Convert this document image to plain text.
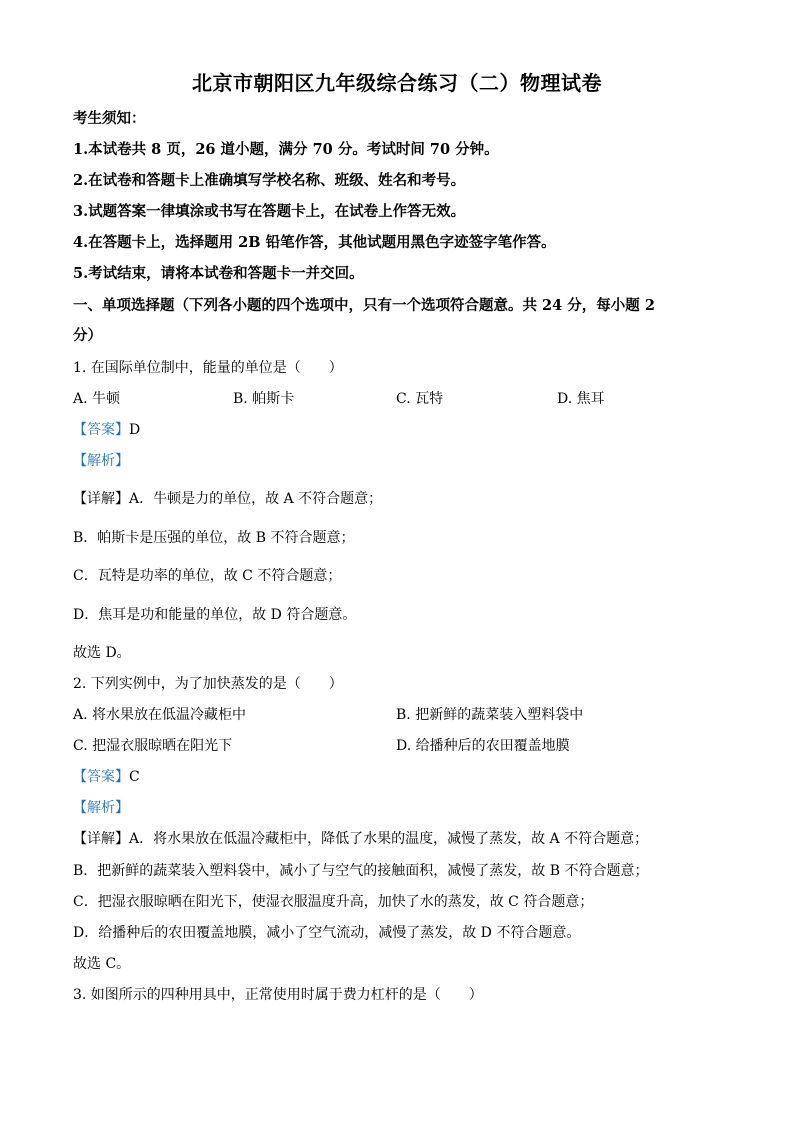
北京市朝阳区九年级综合练习（二）物理试卷
考生须知：
1.本试卷共 8 页，26 道小题，满分 70 分。考试时间 70 分钟。
2.在试卷和答题卡上准确填写学校名称、班级、姓名和考号。
3.试题答案一律填涂或书写在答题卡上，在试卷上作答无效。
4.在答题卡上，选择题用 2B 铅笔作答，其他试题用黑色字迹签字笔作答。
5.考试结束，请将本试卷和答题卡一并交回。
一、单项选择题（下列各小题的四个选项中，只有一个选项符合题意。共 24 分，每小题 2
分）
1. 在国际单位制中，能量的单位是（　　）
A. 牛顿	B. 帕斯卡	C. 瓦特	D. 焦耳
【答案】D
【解析】
【详解】A．牛顿是力的单位，故 A 不符合题意；
B．帕斯卡是压强的单位，故 B 不符合题意；
C．瓦特是功率的单位，故 C 不符合题意；
D．焦耳是功和能量的单位，故 D 符合题意。
故选 D。
2. 下列实例中，为了加快蒸发的是（　　）
A. 将水果放在低温冷藏柜中	B. 把新鲜的蔬菜装入塑料袋中
C. 把湿衣服晾晒在阳光下	D. 给播种后的农田覆盖地膜
【答案】C
【解析】
【详解】A．将水果放在低温冷藏柜中，降低了水果的温度，减慢了蒸发，故 A 不符合题意；
B．把新鲜的蔬菜装入塑料袋中，减小了与空气的接触面积，减慢了蒸发，故 B 不符合题意；
C．把湿衣服晾晒在阳光下，使湿衣服温度升高，加快了水的蒸发，故 C 符合题意；
D．给播种后的农田覆盖地膜，减小了空气流动，减慢了蒸发，故 D 不符合题意。
故选 C。
3. 如图所示的四种用具中，正常使用时属于费力杠杆的是（　　）
